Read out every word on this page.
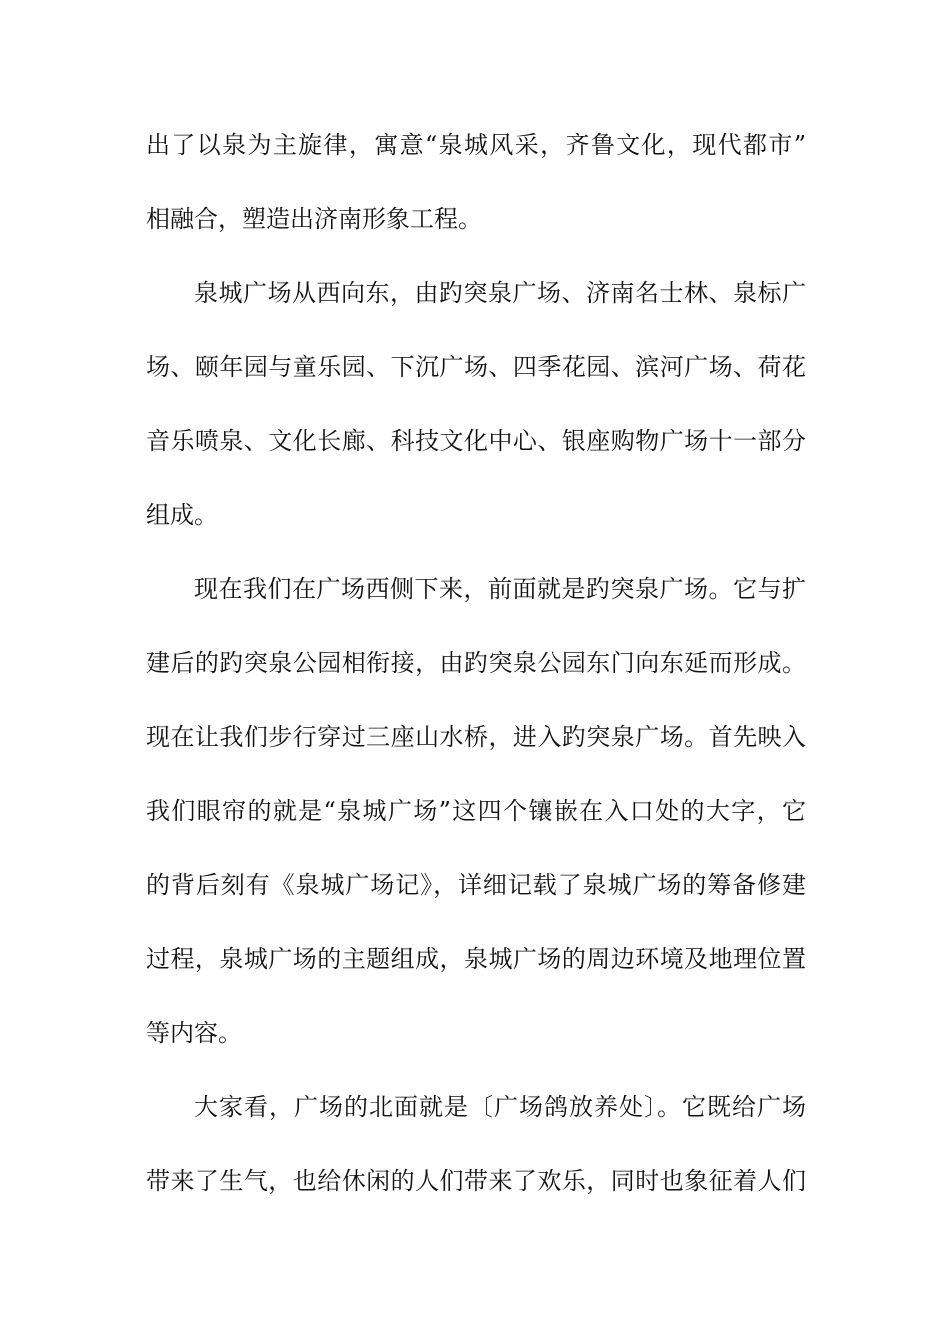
出了以泉为主旋律，寓意“泉城风采，齐鲁文化，现代都市”
相融合，塑造出济南形象工程。
泉城广场从西向东，由趵突泉广场、济南名士林、泉标广
场、颐年园与童乐园、下沉广场、四季花园、滨河广场、荷花
音乐喷泉、文化长廊、科技文化中心、银座购物广场十一部分
组成。
现在我们在广场西侧下来，前面就是趵突泉广场。它与扩
建后的趵突泉公园相衔接，由趵突泉公园东门向东延而形成。
现在让我们步行穿过三座山水桥，进入趵突泉广场。首先映入
我们眼帘的就是“泉城广场”这四个镶嵌在入口处的大字，它
的背后刻有《泉城广场记》，详细记载了泉城广场的筹备修建
过程，泉城广场的主题组成，泉城广场的周边环境及地理位置
等内容。
大家看，广场的北面就是〔广场鸽放养处〕。它既给广场
带来了生气，也给休闲的人们带来了欢乐，同时也象征着人们
